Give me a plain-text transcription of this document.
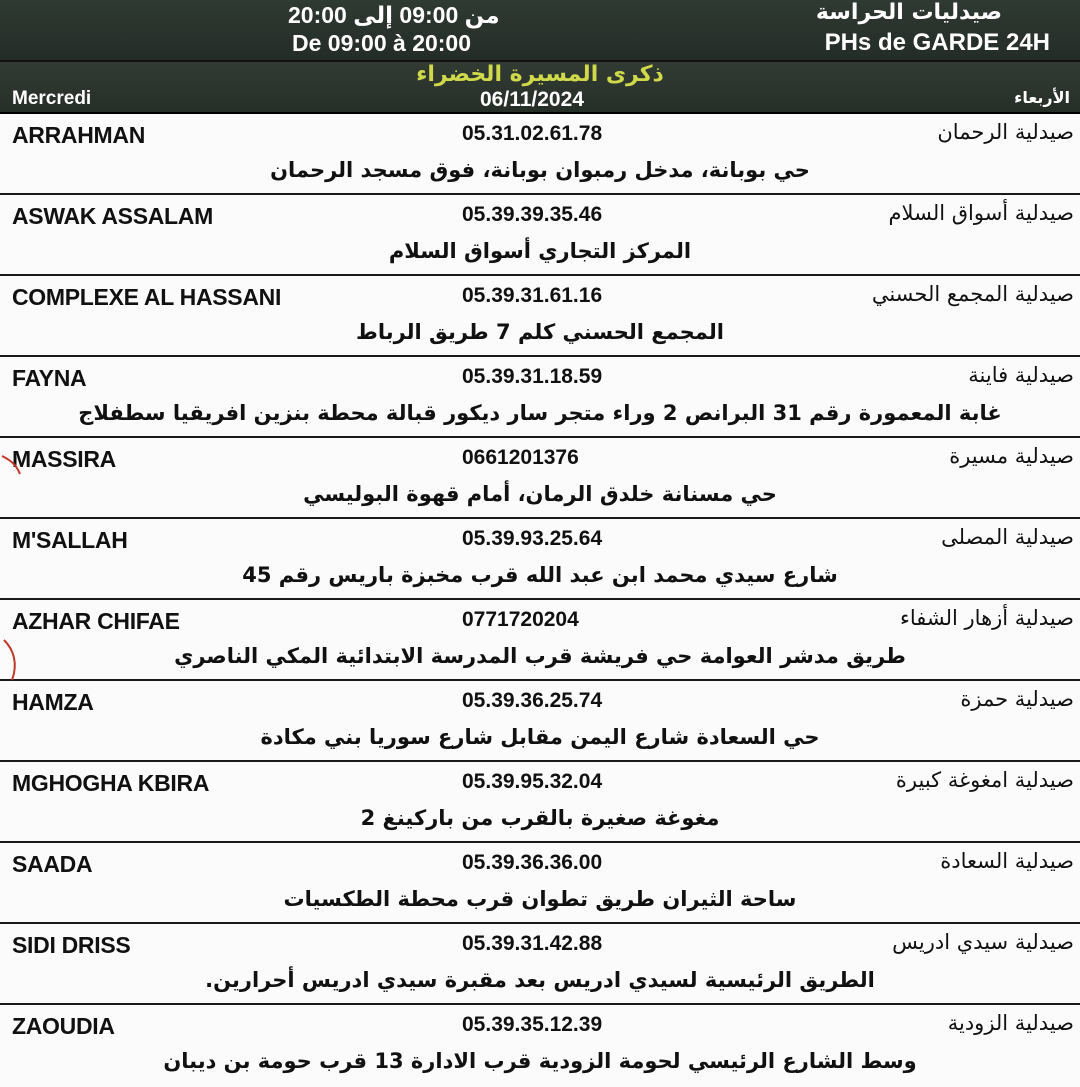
من 09:00 إلى 20:00
De 09:00 à 20:00
صيدليات الحراسة
PHs de GARDE 24H
ذكرى المسيرة الخضراء
Mercredi	06/11/2024	الأربعاء
ARRAHMAN	05.31.02.61.78	صيدلية الرحمان
حي بوبانة، مدخل رمبوان بوبانة، فوق مسجد الرحمان
ASWAK ASSALAM	05.39.39.35.46	صيدلية أسواق السلام
المركز التجاري أسواق السلام
COMPLEXE AL HASSANI	05.39.31.61.16	صيدلية المجمع الحسني
المجمع الحسني كلم 7 طريق الرباط
FAYNA	05.39.31.18.59	صيدلية فاينة
غابة المعمورة رقم 31 البرانص 2 وراء متجر سار ديكور قبالة محطة بنزين افريقيا سطفلاج
MASSIRA	0661201376	صيدلية مسيرة
حي مسنانة خلدق الرمان، أمام قهوة البوليسي
M'SALLAH	05.39.93.25.64	صيدلية المصلى
شارع سيدي محمد ابن عبد الله قرب مخبزة باريس رقم 45
AZHAR CHIFAE	0771720204	صيدلية أزهار الشفاء
طريق مدشر العوامة حي فريشة قرب المدرسة الابتدائية المكي الناصري
HAMZA	05.39.36.25.74	صيدلية حمزة
حي السعادة شارع اليمن مقابل شارع سوريا بني مكادة
MGHOGHA KBIRA	05.39.95.32.04	صيدلية امغوغة كبيرة
مغوغة صغيرة بالقرب من باركينغ 2
SAADA	05.39.36.36.00	صيدلية السعادة
ساحة الثيران طريق تطوان قرب محطة الطكسيات
SIDI DRISS	05.39.31.42.88	صيدلية سيدي ادريس
الطريق الرئيسية لسيدي ادريس بعد مقبرة سيدي ادريس أحرارين.
ZAOUDIA	05.39.35.12.39	صيدلية الزودية
وسط الشارع الرئيسي لحومة الزودية قرب الادارة 13 قرب حومة بن ديبان
